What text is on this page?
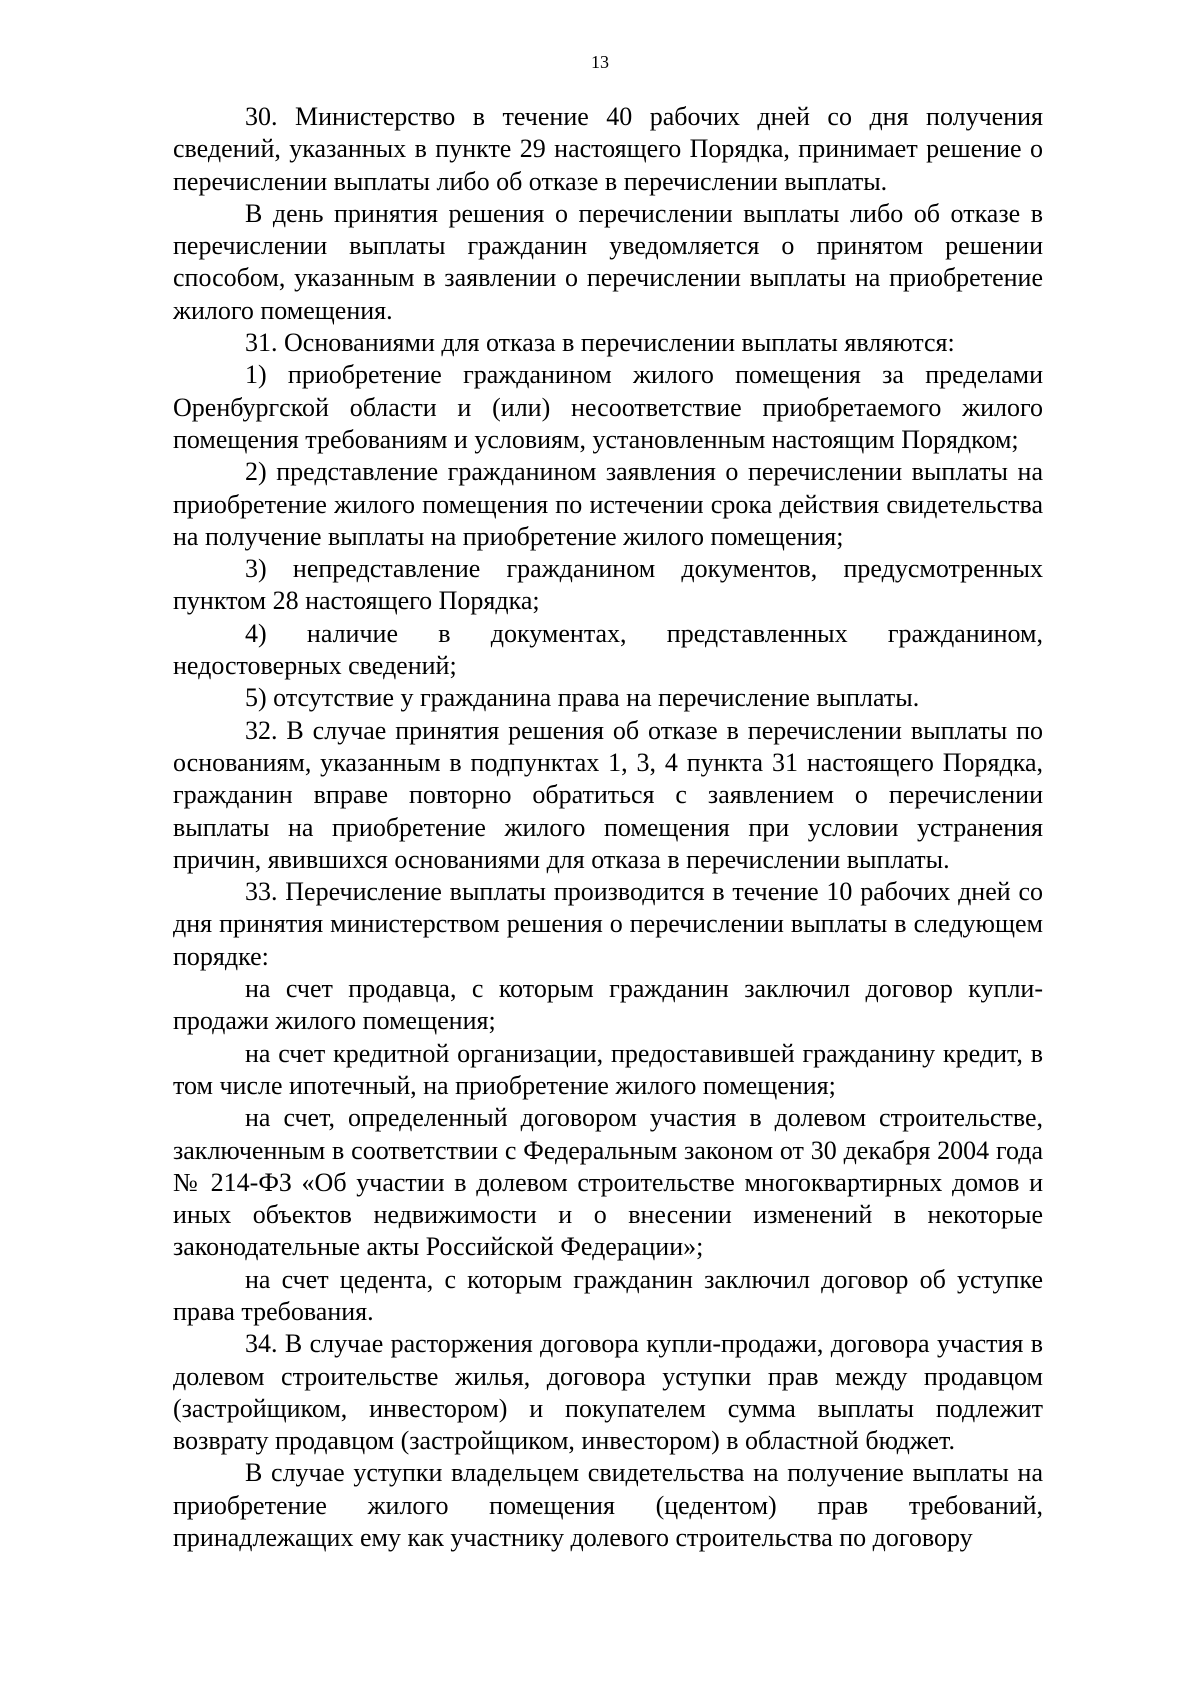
13

30. Министерство в течение 40 рабочих дней со дня получения сведений, указанных в пункте 29 настоящего Порядка, принимает решение о перечислении выплаты либо об отказе в перечислении выплаты.

В день принятия решения о перечислении выплаты либо об отказе в перечислении выплаты гражданин уведомляется о принятом решении способом, указанным в заявлении о перечислении выплаты на приобретение жилого помещения.

31. Основаниями для отказа в перечислении выплаты являются:

1) приобретение гражданином жилого помещения за пределами Оренбургской области и (или) несоответствие приобретаемого жилого помещения требованиям и условиям, установленным настоящим Порядком;

2) представление гражданином заявления о перечислении выплаты на приобретение жилого помещения по истечении срока действия свидетельства на получение выплаты на приобретение жилого помещения;

3) непредставление гражданином документов, предусмотренных пунктом 28 настоящего Порядка;

4) наличие в документах, представленных гражданином, недостоверных сведений;

5) отсутствие у гражданина права на перечисление выплаты.

32. В случае принятия решения об отказе в перечислении выплаты по основаниям, указанным в подпунктах 1, 3, 4 пункта 31 настоящего Порядка, гражданин вправе повторно обратиться с заявлением о перечислении выплаты на приобретение жилого помещения при условии устранения причин, явившихся основаниями для отказа в перечислении выплаты.

33. Перечисление выплаты производится в течение 10 рабочих дней со дня принятия министерством решения о перечислении выплаты в следующем порядке:

на счет продавца, с которым гражданин заключил договор купли-продажи жилого помещения;

на счет кредитной организации, предоставившей гражданину кредит, в том числе ипотечный, на приобретение жилого помещения;

на счет, определенный договором участия в долевом строительстве, заключенным в соответствии с Федеральным законом от 30 декабря 2004 года № 214-ФЗ «Об участии в долевом строительстве многоквартирных домов и иных объектов недвижимости и о внесении изменений в некоторые законодательные акты Российской Федерации»;

на счет цедента, с которым гражданин заключил договор об уступке права требования.

34. В случае расторжения договора купли-продажи, договора участия в долевом строительстве жилья, договора уступки прав между продавцом (застройщиком, инвестором) и покупателем сумма выплаты подлежит возврату продавцом (застройщиком, инвестором) в областной бюджет.

В случае уступки владельцем свидетельства на получение выплаты на приобретение жилого помещения (цедентом) прав требований, принадлежащих ему как участнику долевого строительства по договору
